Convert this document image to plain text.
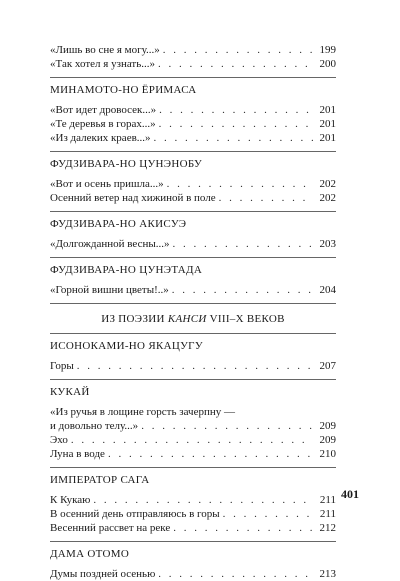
«Лишь во сне я могу...» . . .	199
«Так хотел я узнать...» . . .	200
МИНАМОТО-НО ЁРИМАСА
«Вот идет дровосек...» . . .	201
«Те деревья в горах...» . . .	201
«Из далеких краев...» . . .	201
ФУДЗИВАРА-НО ЦУНЭНОБУ
«Вот и осень пришла...» . . .	202
Осенний ветер над хижиной в поле . . .	202
ФУДЗИВАРА-НО АКИСУЭ
«Долгожданной весны...» . . .	203
ФУДЗИВАРА-НО ЦУНЭТАДА
«Горной вишни цветы!..» . . .	204
ИЗ ПОЭЗИИ КАНСИ VIII–X ВЕКОВ
ИСОНОКАМИ-НО ЯКАЦУГУ
Горы . . .	207
КУКАЙ
«Из ручья в лощине горсть зачерпну —
и довольно телу...» . . .	209
Эхо . . .	209
Луна в воде . . .	210
ИМПЕРАТОР САГА
К Кукаю . . .	211
В осенний день отправляюсь в горы . . .	211
Весенний рассвет на реке . . .	212
ДАМА ОТОМО
Думы поздней осенью . . .	213
401
